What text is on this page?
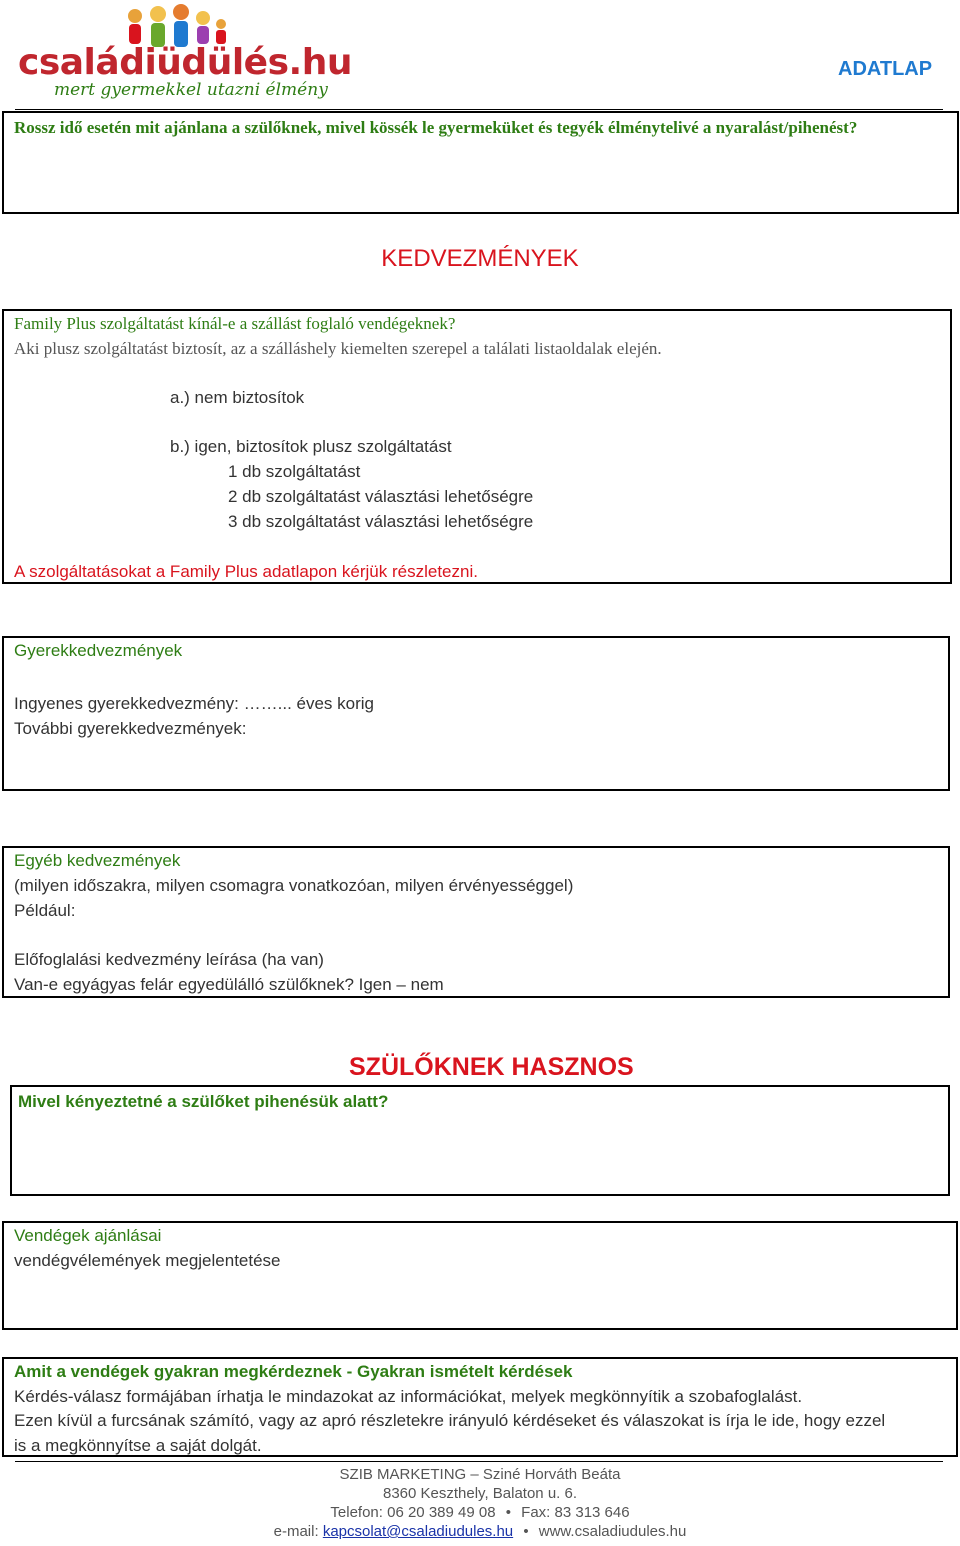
családiüdülés.hu
mert gyermekkel utazni élmény
ADATLAP
Rossz idő esetén mit ajánlana a szülőknek, mivel kössék le gyermeküket és tegyék élménytelivé a nyaralást/pihenést?
KEDVEZMÉNYEK
Family Plus szolgáltatást kínál-e a szállást foglaló vendégeknek?
Aki plusz szolgáltatást biztosít, az a szálláshely kiemelten szerepel a találati listaoldalak elején.
a.) nem biztosítok
b.) igen, biztosítok plusz szolgáltatást
1 db szolgáltatást
2 db szolgáltatást választási lehetőségre
3 db szolgáltatást választási lehetőségre
A szolgáltatásokat a Family Plus adatlapon kérjük részletezni.
Gyerekkedvezmények
Ingyenes gyerekkedvezmény: ……... éves korig
További gyerekkedvezmények:
Egyéb kedvezmények
(milyen időszakra, milyen csomagra vonatkozóan, milyen érvényességgel)
Például:
Előfoglalási kedvezmény leírása (ha van)
Van-e egyágyas felár egyedülálló szülőknek? Igen – nem
SZÜLŐKNEK HASZNOS
Mivel kényeztetné a szülőket pihenésük alatt?
Vendégek ajánlásai
vendégvélemények megjelentetése
Amit a vendégek gyakran megkérdeznek - Gyakran ismételt kérdések
Kérdés-válasz formájában írhatja le mindazokat az információkat, melyek megkönnyítik a szobafoglalást.
Ezen kívül a furcsának számító, vagy az apró részletekre irányuló kérdéseket és válaszokat is írja le ide, hogy ezzel
is a megkönnyítse a saját dolgát.
SZIB MARKETING – Sziné Horváth Beáta
8360 Keszthely, Balaton u. 6.
Telefon: 06 20 389 49 08 • Fax: 83 313 646
e-mail: kapcsolat@csaladiudules.hu • www.csaladiudules.hu
